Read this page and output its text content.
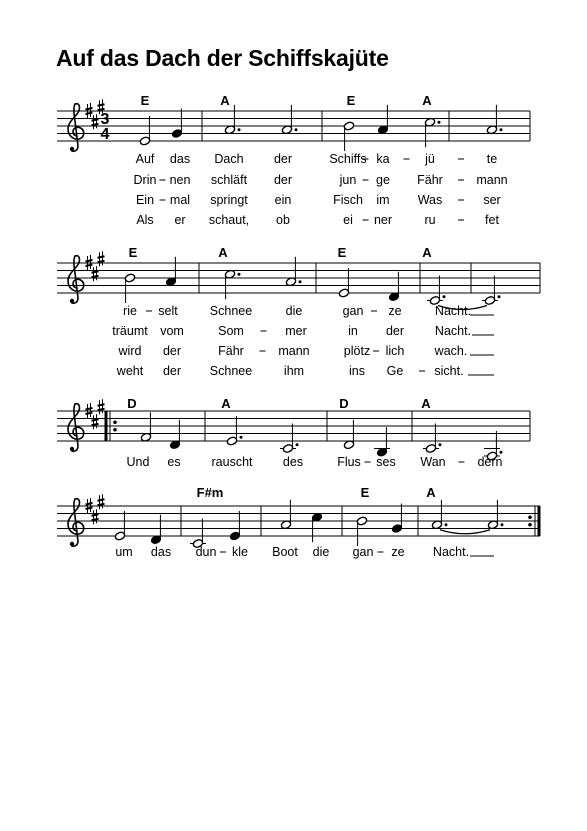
Auf das Dach der Schiffskajüte
3
4
E	A	E	A
Auf das Dach der	Schiffs ka	jü	te
Drin nen schläft der	jun ge Fähr	mann
Ein mal springt ein	Fisch im Was	ser
Als er schaut, ob	ei ner	ru	fet
E	A	E	A
rie selt	Schnee	die	gan ze	Nacht.
träumt vom	Som	mer	in der Nacht.
wird der	Fähr	mann	plötz lich wach.
weht der Schnee	ihm	ins Ge sicht.
D	A	D	A
Und es rauscht des	Flus ses Wan	dern
F#m	E	A
um das dun kle Boot die gan ze Nacht.
